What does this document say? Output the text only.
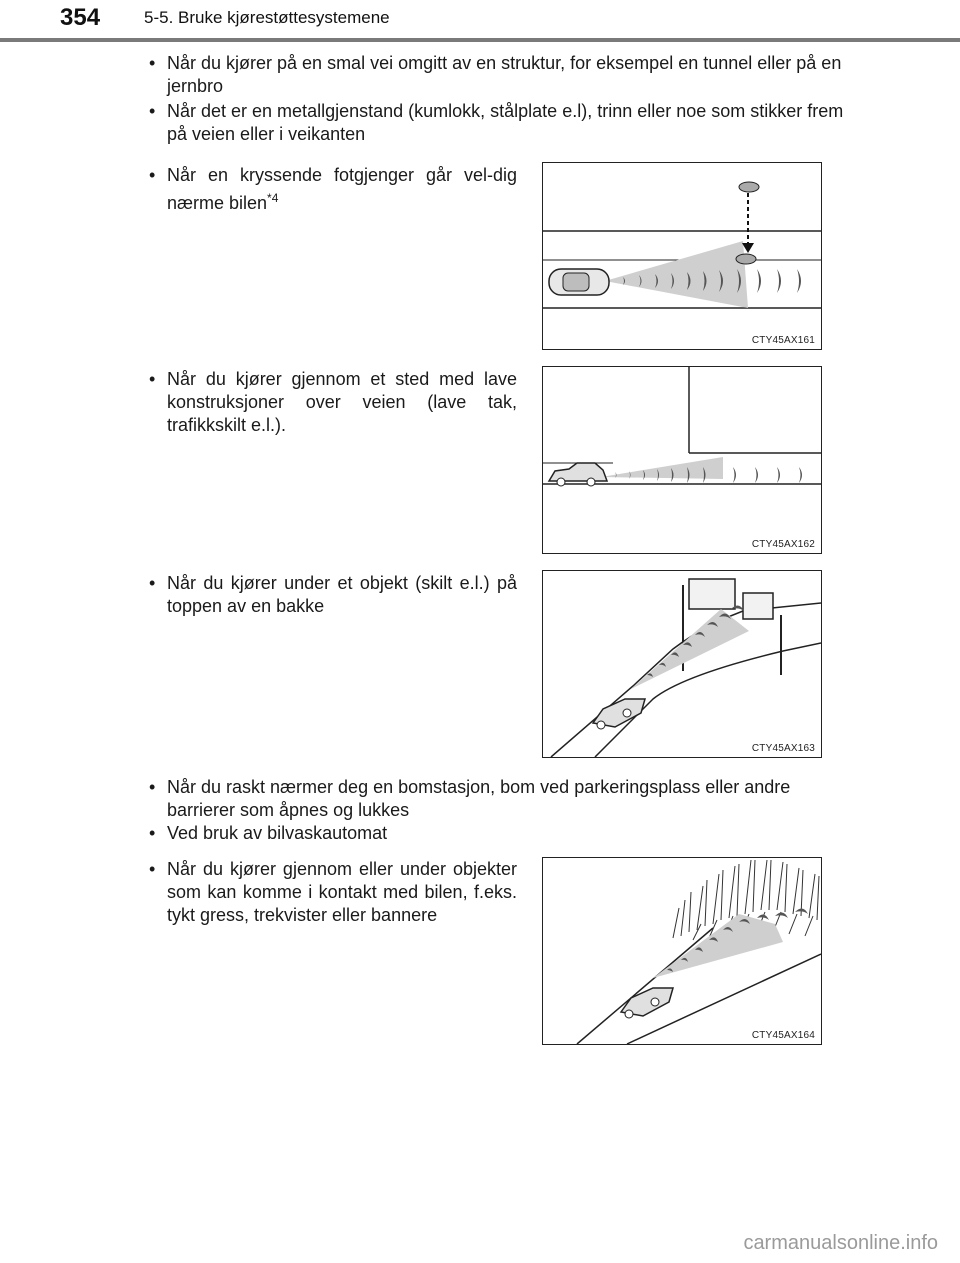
354	5-5. Bruke kjørestøttesystemene
• Når du kjører på en smal vei omgitt av en struktur, for eksempel en tunnel eller på en jernbro
• Når det er en metallgjenstand (kumlokk, stålplate e.l), trinn eller noe som stikker frem på veien eller i veikanten
• Når en kryssende fotgjenger går vel-dig nærme bilen$^{*4}$
• Når du kjører gjennom et sted med lave konstruksjoner over veien (lave tak, trafikkskilt e.l.).
• Når du kjører under et objekt (skilt e.l.) på toppen av en bakke
• Når du raskt nærmer deg en bomstasjon, bom ved parkeringsplass eller andre barrierer som åpnes og lukkes
• Ved bruk av bilvaskautomat
• Når du kjører gjennom eller under objekter som kan komme i kontakt med bilen, f.eks. tykt gress, trekvister eller bannere
CTY45AX161
CTY45AX162
CTY45AX163
CTY45AX164
carmanualsonline.info
